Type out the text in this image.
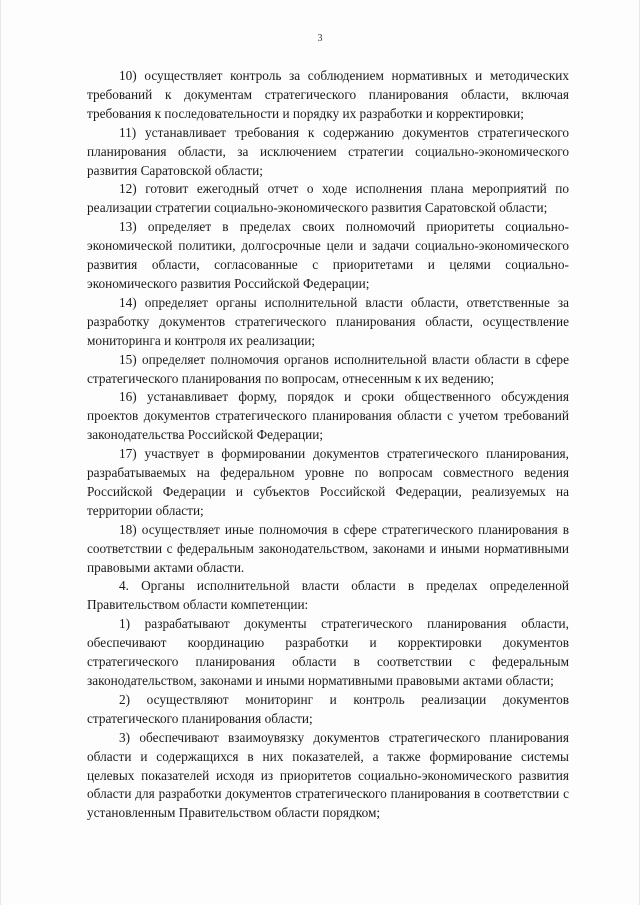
3

10) осуществляет контроль за соблюдением нормативных и методических требований к документам стратегического планирования области, включая требования к последовательности и порядку их разработки и корректировки;

11) устанавливает требования к содержанию документов стратегического планирования области, за исключением стратегии социально-экономического развития Саратовской области;

12) готовит ежегодный отчет о ходе исполнения плана мероприятий по реализации стратегии социально-экономического развития Саратовской области;

13) определяет в пределах своих полномочий приоритеты социально-экономической политики, долгосрочные цели и задачи социально-экономического развития области, согласованные с приоритетами и целями социально-экономического развития Российской Федерации;

14) определяет органы исполнительной власти области, ответственные за разработку документов стратегического планирования области, осуществление мониторинга и контроля их реализации;

15) определяет полномочия органов исполнительной власти области в сфере стратегического планирования по вопросам, отнесенным к их ведению;

16) устанавливает форму, порядок и сроки общественного обсуждения проектов документов стратегического планирования области с учетом требований законодательства Российской Федерации;

17) участвует в формировании документов стратегического планирования, разрабатываемых на федеральном уровне по вопросам совместного ведения Российской Федерации и субъектов Российской Федерации, реализуемых на территории области;

18) осуществляет иные полномочия в сфере стратегического планирования в соответствии с федеральным законодательством, законами и иными нормативными правовыми актами области.

4. Органы исполнительной власти области в пределах определенной Правительством области компетенции:

1) разрабатывают документы стратегического планирования области, обеспечивают координацию разработки и корректировки документов стратегического планирования области в соответствии с федеральным законодательством, законами и иными нормативными правовыми актами области;

2) осуществляют мониторинг и контроль реализации документов стратегического планирования области;

3) обеспечивают взаимоувязку документов стратегического планирования области и содержащихся в них показателей, а также формирование системы целевых показателей исходя из приоритетов социально-экономического развития области для разработки документов стратегического планирования в соответствии с установленным Правительством области порядком;
